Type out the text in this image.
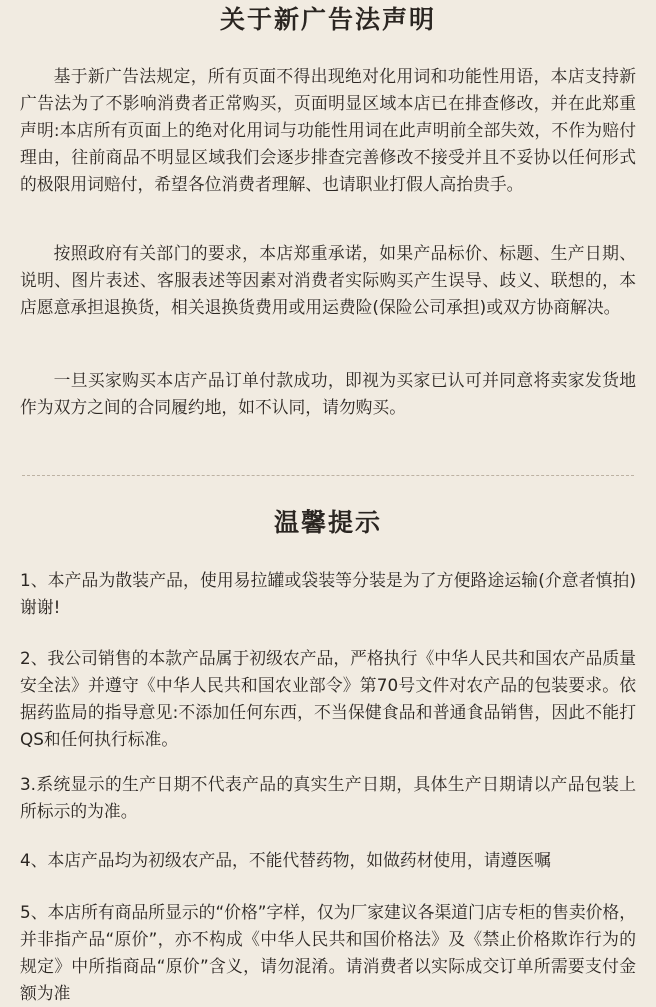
关于新广告法声明

基于新广告法规定，所有页面不得出现绝对化用词和功能性用语，本店支持新广告法为了不影响消费者正常购买，页面明显区域本店已在排查修改，并在此郑重声明:本店所有页面上的绝对化用词与功能性用词在此声明前全部失效，不作为赔付理由，往前商品不明显区域我们会逐步排查完善修改不接受并且不妥协以任何形式的极限用词赔付，希望各位消费者理解、也请职业打假人高抬贵手。

按照政府有关部门的要求，本店郑重承诺，如果产品标价、标题、生产日期、说明、图片表述、客服表述等因素对消费者实际购买产生误导、歧义、联想的，本店愿意承担退换货，相关退换货费用或用运费险(保险公司承担)或双方协商解决。

一旦买家购买本店产品订单付款成功，即视为买家已认可并同意将卖家发货地作为双方之间的合同履约地，如不认同，请勿购买。

温馨提示

1、本产品为散装产品，使用易拉罐或袋装等分装是为了方便路途运输(介意者慎拍)谢谢!

2、我公司销售的本款产品属于初级农产品，严格执行《中华人民共和国农产品质量安全法》并遵守《中华人民共和国农业部令》第70号文件对农产品的包装要求。依据药监局的指导意见:不添加任何东西，不当保健食品和普通食品销售，因此不能打QS和任何执行标准。

3.系统显示的生产日期不代表产品的真实生产日期，具体生产日期请以产品包装上所标示的为准。

4、本店产品均为初级农产品，不能代替药物，如做药材使用，请遵医嘱

5、本店所有商品所显示的“价格”字样，仅为厂家建议各渠道门店专柜的售卖价格，并非指产品“原价”，亦不构成《中华人民共和国价格法》及《禁止价格欺诈行为的规定》中所指商品“原价”含义，请勿混淆。请消费者以实际成交订单所需要支付金额为准
